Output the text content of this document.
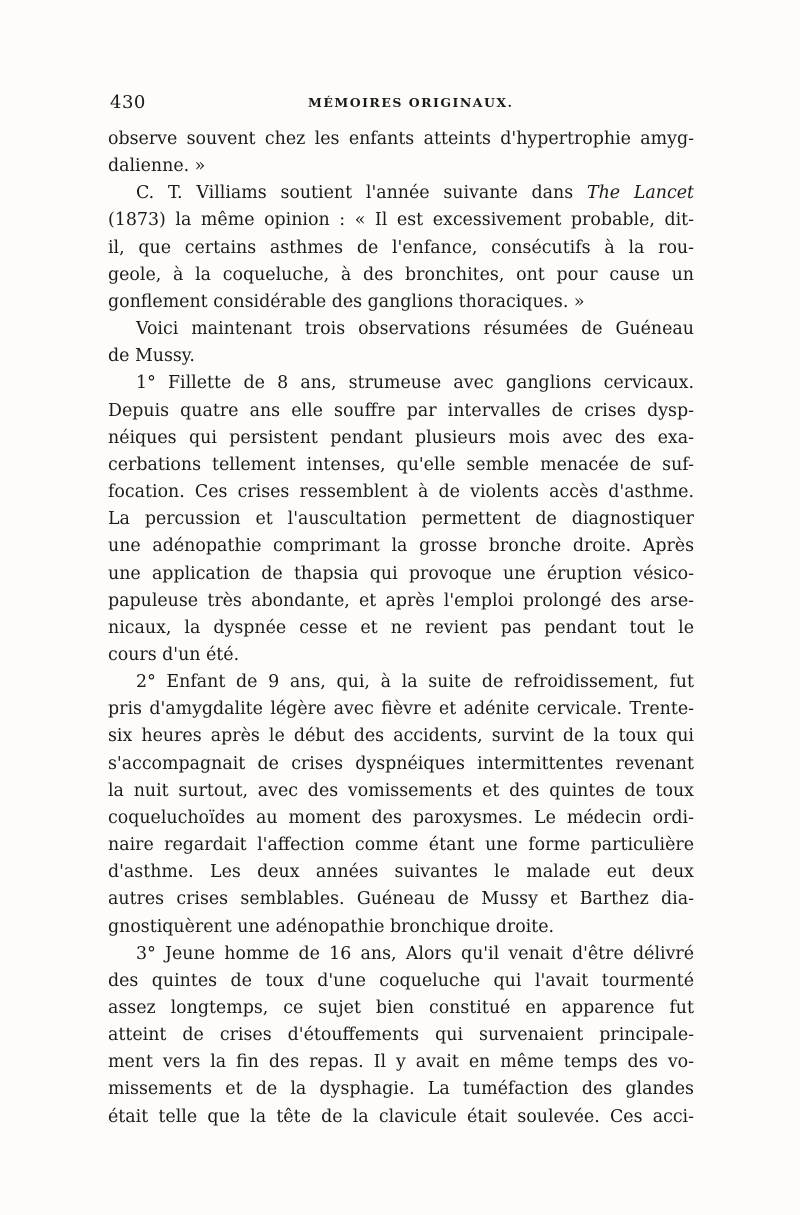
430	MÉMOIRES ORIGINAUX.
observe souvent chez les enfants atteints d'hypertrophie amyg-
dalienne. »
C. T. Villiams soutient l'année suivante dans The Lancet
(1873) la même opinion : « Il est excessivement probable, dit-
il, que certains asthmes de l'enfance, consécutifs à la rou-
geole, à la coqueluche, à des bronchites, ont pour cause un
gonflement considérable des ganglions thoraciques. »
Voici maintenant trois observations résumées de Guéneau
de Mussy.
1° Fillette de 8 ans, strumeuse avec ganglions cervicaux.
Depuis quatre ans elle souffre par intervalles de crises dysp-
néiques qui persistent pendant plusieurs mois avec des exa-
cerbations tellement intenses, qu'elle semble menacée de suf-
focation. Ces crises ressemblent à de violents accès d'asthme.
La percussion et l'auscultation permettent de diagnostiquer
une adénopathie comprimant la grosse bronche droite. Après
une application de thapsia qui provoque une éruption vésico-
papuleuse très abondante, et après l'emploi prolongé des arse-
nicaux, la dyspnée cesse et ne revient pas pendant tout le
cours d'un été.
2° Enfant de 9 ans, qui, à la suite de refroidissement, fut
pris d'amygdalite légère avec fièvre et adénite cervicale. Trente-
six heures après le début des accidents, survint de la toux qui
s'accompagnait de crises dyspnéiques intermittentes revenant
la nuit surtout, avec des vomissements et des quintes de toux
coqueluchoïdes au moment des paroxysmes. Le médecin ordi-
naire regardait l'affection comme étant une forme particulière
d'asthme. Les deux années suivantes le malade eut deux
autres crises semblables. Guéneau de Mussy et Barthez dia-
gnostiquèrent une adénopathie bronchique droite.
3° Jeune homme de 16 ans, Alors qu'il venait d'être délivré
des quintes de toux d'une coqueluche qui l'avait tourmenté
assez longtemps, ce sujet bien constitué en apparence fut
atteint de crises d'étouffements qui survenaient principale-
ment vers la fin des repas. Il y avait en même temps des vo-
missements et de la dysphagie. La tuméfaction des glandes
était telle que la tête de la clavicule était soulevée. Ces acci-
